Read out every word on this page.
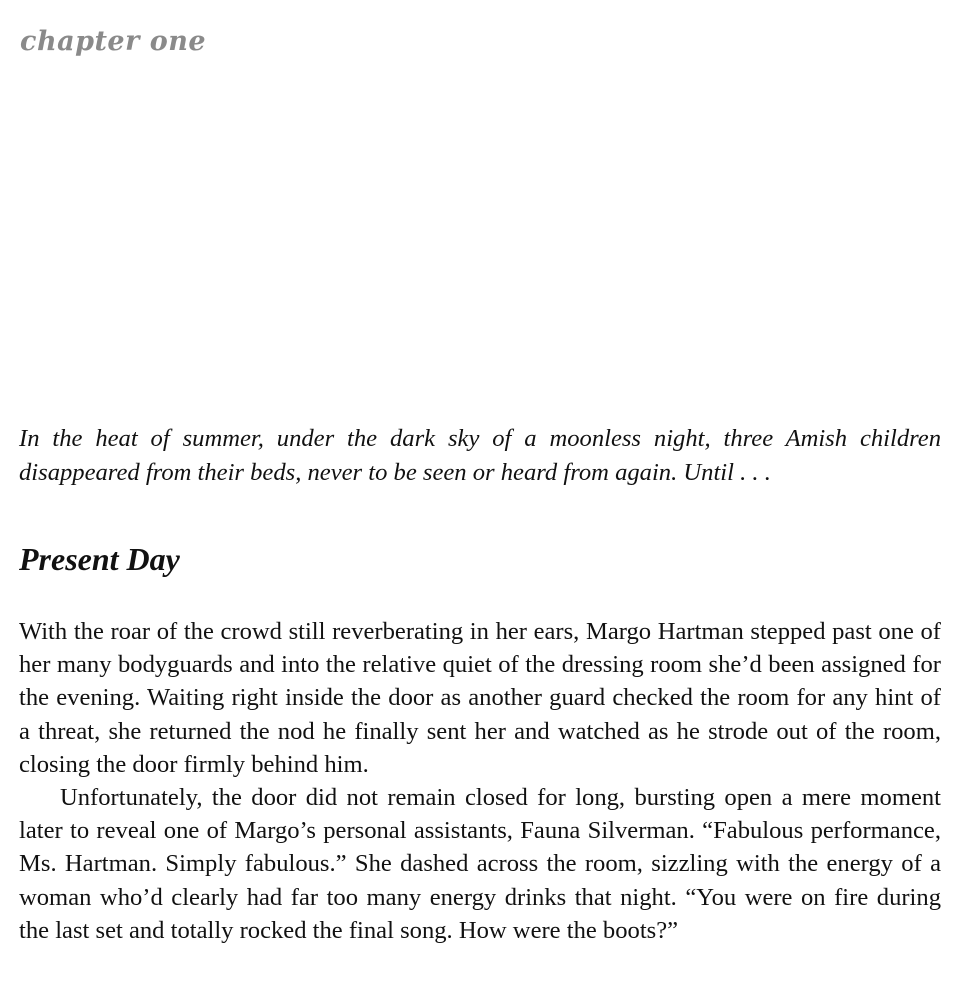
chapter one

In the heat of summer, under the dark sky of a moonless night, three Amish children disappeared from their beds, never to be seen or heard from again. Until . . .

Present Day

With the roar of the crowd still reverberating in her ears, Margo Hartman stepped past one of her many bodyguards and into the relative quiet of the dressing room she’d been assigned for the evening. Waiting right inside the door as another guard checked the room for any hint of a threat, she returned the nod he finally sent her and watched as he strode out of the room, closing the door firmly behind him.

Unfortunately, the door did not remain closed for long, bursting open a mere moment later to reveal one of Margo’s personal assistants, Fauna Silverman. “Fabulous performance, Ms. Hartman. Simply fabulous.” She dashed across the room, sizzling with the energy of a woman who’d clearly had far too many energy drinks that night. “You were on fire during the last set and totally rocked the final song. How were the boots?”
